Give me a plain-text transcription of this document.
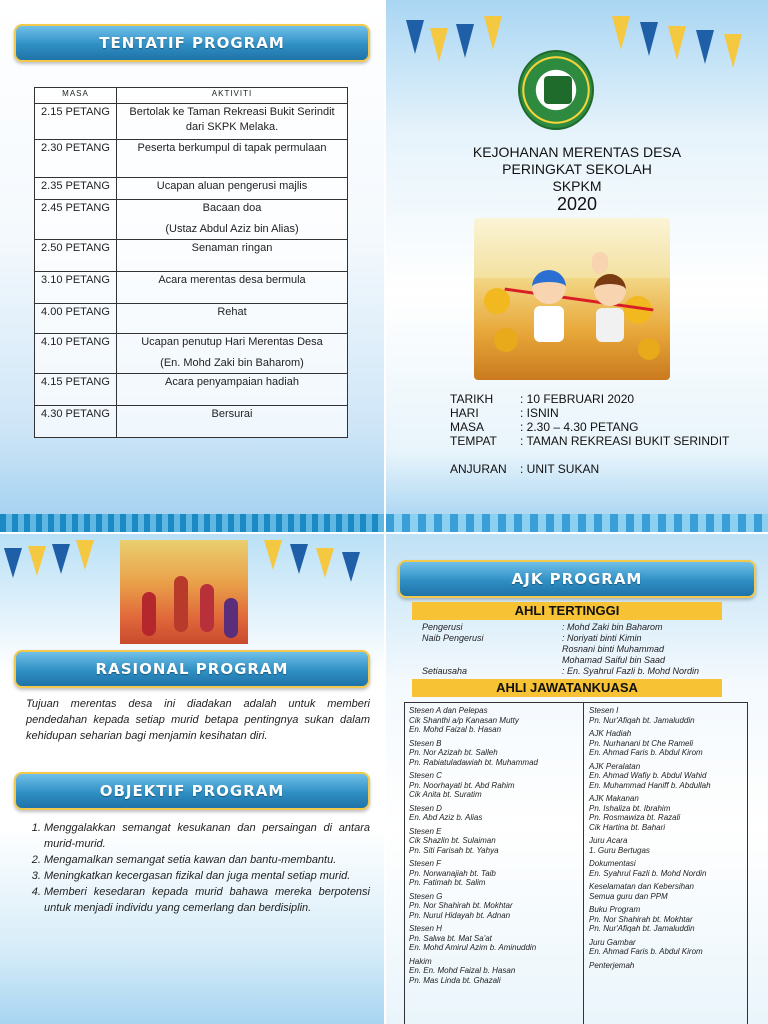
TENTATIF PROGRAM
MASA	AKTIVITI
2.15 PETANG	Bertolak ke Taman Rekreasi Bukit Serindit dari SKPK Melaka.

2.30 PETANG	Peserta berkumpul di tapak permulaan

2.35 PETANG	Ucapan aluan pengerusi majlis

2.45 PETANG	Bacaan doa
(Ustaz Abdul Aziz bin Alias)

2.50 PETANG	Senaman ringan

3.10 PETANG	Acara merentas desa bermula

4.00 PETANG	Rehat

4.10 PETANG	Ucapan penutup Hari Merentas Desa
(En. Mohd Zaki bin Baharom)

4.15 PETANG	Acara penyampaian hadiah

4.30 PETANG	Bersurai
KEJOHANAN MERENTAS DESA
PERINGKAT SEKOLAH
SKPKM
2020
TARIKH : 10 FEBRUARI 2020
HARI	: ISNIN
MASA	: 2.30 – 4.30 PETANG
TEMPAT : TAMAN REKREASI BUKIT SERINDIT
ANJURAN : UNIT SUKAN
RASIONAL PROGRAM
Tujuan merentas desa ini diadakan adalah untuk memberi pendedahan kepada setiap murid betapa pentingnya sukan dalam kehidupan seharian bagi menjamin kesihatan diri.
OBJEKTIF PROGRAM
1. Menggalakkan semangat kesukanan dan persaingan di antara murid-murid.
2. Mengamalkan semangat setia kawan dan bantu-membantu.
3. Meningkatkan kecergasan fizikal dan juga mental setiap murid.
4. Memberi kesedaran kepada murid bahawa mereka berpotensi untuk menjadi individu yang cemerlang dan berdisiplin.
AJK PROGRAM
AHLI TERTINGGI
Pengerusi	: Mohd Zaki bin Baharom
Naib Pengerusi	: Noriyati binti Kimin
Rosnani binti Muhammad
Mohamad Saiful bin Saad
Setiausaha	: En. Syahrul Fazli b. Mohd Nordin
AHLI JAWATANKUASA
Stesen A dan Pelepas
Cik Shanthi a/p Kanasan Mutty
En. Mohd Faizal b. Hasan
Stesen B
Pn. Nor Azizah bt. Salleh
Pn. Rabiatuladawiah bt. Muhammad
Stesen C
Pn. Noorhayati bt. Abd Rahim
Cik Anita bt. Suratim
Stesen D
En. Abd Aziz b. Alias
Stesen E
Cik Shazlin bt. Sulaiman
Pn. Siti Farisah bt. Yahya
Stesen F
Pn. Norwanajiah bt. Taib
Pn. Fatimah bt. Salim
Stesen G
Pn. Nor Shahirah bt. Mokhtar
Pn. Nurul Hidayah bt. Adnan
Stesen H
Pn. Salwa bt. Mat Sa'at
En. Mohd Amirul Azim b. Aminuddin
Hakim
En. En. Mohd Faizal b. Hasan
Pn. Mas Linda bt. Ghazali
Stesen I
Pn. Nur'Afiqah bt. Jamaluddin
AJK Hadiah
Pn. Nurhanani bt Che Rameli
En. Ahmad Faris b. Abdul Kirom
AJK Peralatan
En. Ahmad Wafiy b. Abdul Wahid
En. Muhammad Haniff b. Abdullah
AJK Makanan
Pn. Ishaliza bt. Ibrahim
Pn. Rosmawiza bt. Razali
Cik Hartina bt. Bahari
Juru Acara
1. Guru Bertugas
Dokumentasi
En. Syahrul Fazli b. Mohd Nordin
Keselamatan dan Kebersihan
Semua guru dan PPM
Buku Program
Pn. Nor Shahirah bt. Mokhtar
Pn. Nur'Afiqah bt. Jamaluddin
Juru Gambar
En. Ahmad Faris b. Abdul Kirom
Penterjemah
